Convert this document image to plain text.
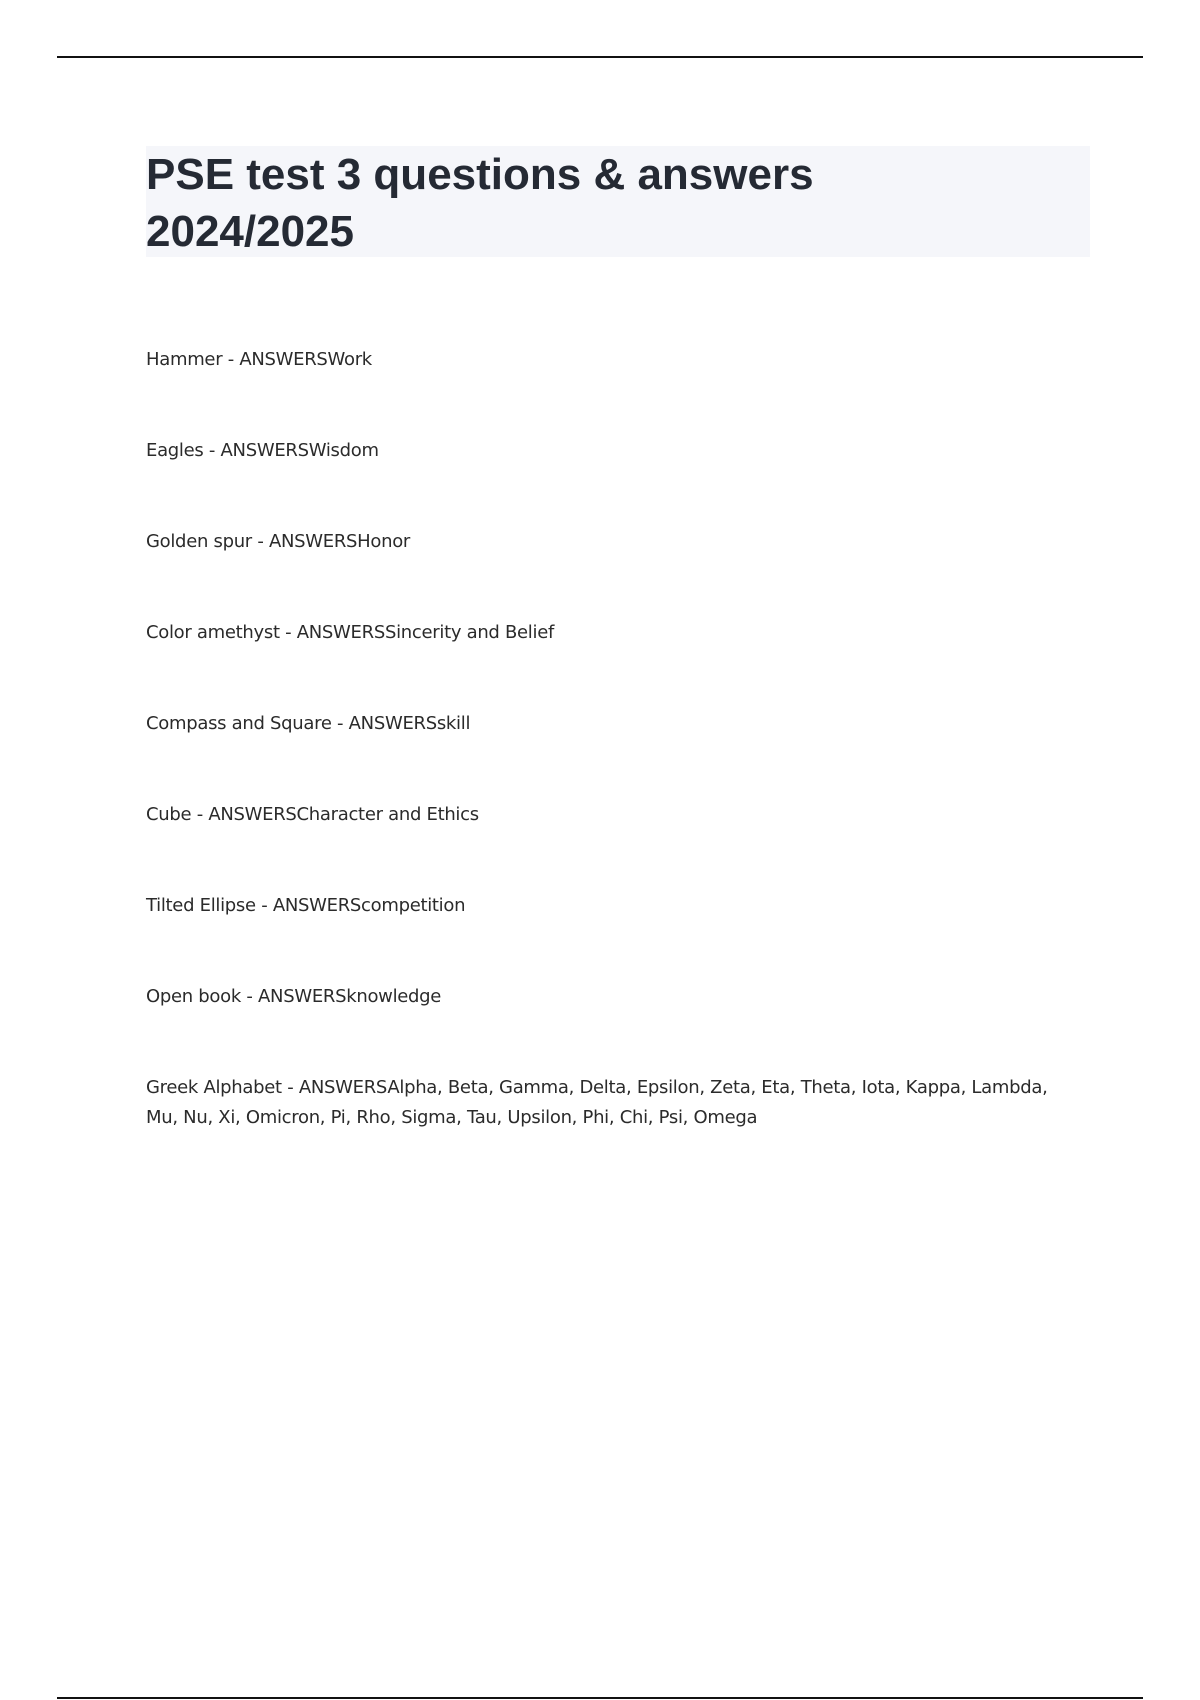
PSE test 3 questions & answers 2024/2025
Hammer - ANSWERSWork
Eagles - ANSWERSWisdom
Golden spur - ANSWERSHonor
Color amethyst - ANSWERSSincerity and Belief
Compass and Square - ANSWERSskill
Cube - ANSWERSCharacter and Ethics
Tilted Ellipse - ANSWERScompetition
Open book - ANSWERSknowledge
Greek Alphabet - ANSWERSAlpha, Beta, Gamma, Delta, Epsilon, Zeta, Eta, Theta, Iota, Kappa, Lambda, Mu, Nu, Xi, Omicron, Pi, Rho, Sigma, Tau, Upsilon, Phi, Chi, Psi, Omega
